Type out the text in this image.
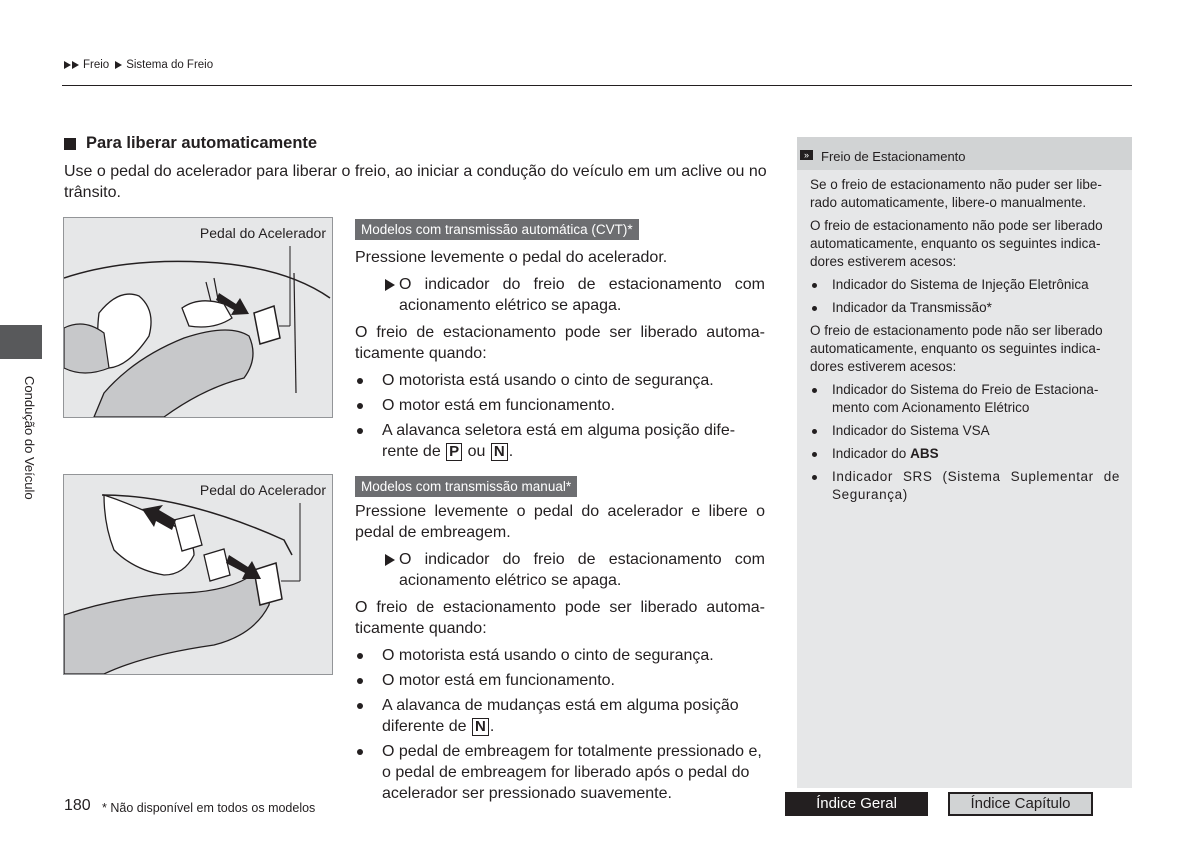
Freio Sistema do Freio
Condução do Veículo
Para liberar automaticamente
Use o pedal do acelerador para liberar o freio, ao iniciar a condução do veículo em um aclive ou no trânsito.
Pedal do Acelerador
Pedal do Acelerador
Modelos com transmissão automática (CVT)*

Pressione levemente o pedal do acelerador.

O indicador do freio de estacionamento com acionamento elétrico se apaga.

O freio de estacionamento pode ser liberado automa-ticamente quando:

O motorista está usando o cinto de segurança.
O motor está em funcionamento.
A alavanca seletora está em alguma posição dife-rente de P ou N .
Modelos com transmissão manual*

Pressione levemente o pedal do acelerador e libere o pedal de embreagem.

O indicador do freio de estacionamento com acionamento elétrico se apaga.

O freio de estacionamento pode ser liberado automa-ticamente quando:

O motorista está usando o cinto de segurança.
O motor está em funcionamento.
A alavanca de mudanças está em alguma posição diferente de N .
O pedal de embreagem for totalmente pressionado e, o pedal de embreagem for liberado após o pedal do acelerador ser pressionado suavemente.
» Freio de Estacionamento

Se o freio de estacionamento não puder ser libe-rado automaticamente, libere-o manualmente.

O freio de estacionamento não pode ser liberado automaticamente, enquanto os seguintes indica-dores estiverem acesos:

Indicador do Sistema de Injeção Eletrônica
Indicador da Transmissão*

O freio de estacionamento pode não ser liberado automaticamente, enquanto os seguintes indica-dores estiverem acesos:

Indicador do Sistema do Freio de Estaciona-mento com Acionamento Elétrico
Indicador do Sistema VSA
Indicador do ABS
Indicador SRS (Sistema Suplementar de Segurança)
180 * Não disponível em todos os modelos	Índice Geral	Índice Capítulo
